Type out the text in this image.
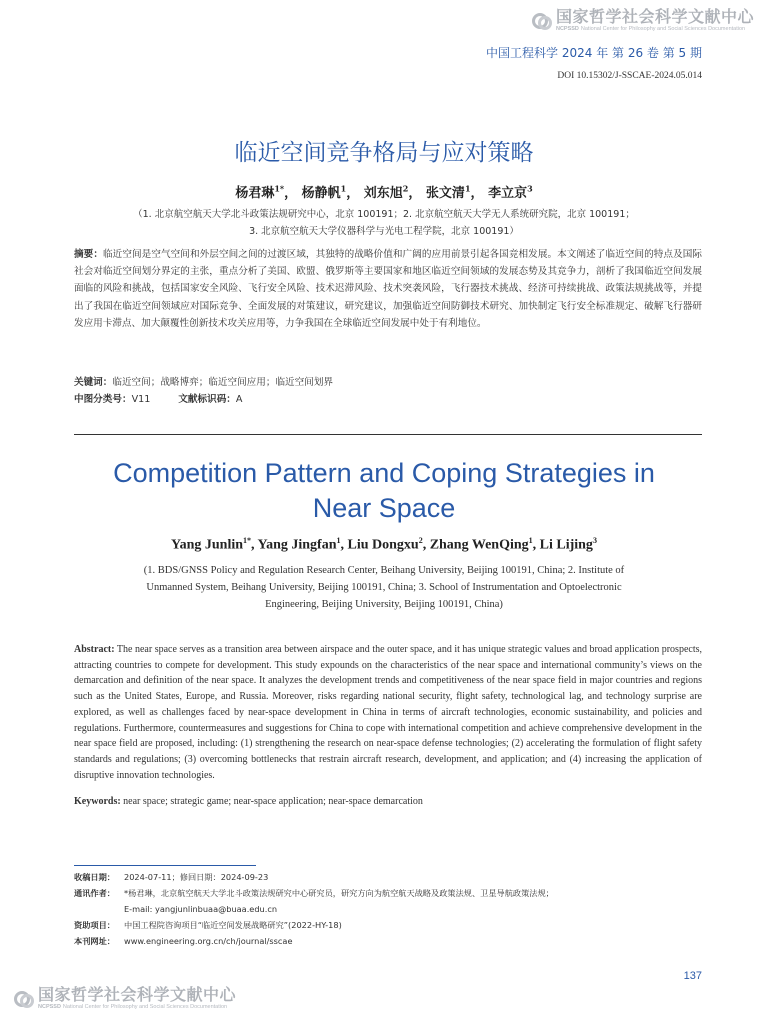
国家哲学社会科学文献中心
NCPSSD National Center for Philosophy and Social Sciences Documentation
中国工程科学 2024 年 第 26 卷 第 5 期
DOI 10.15302/J-SSCAE-2024.05.014
临近空间竞争格局与应对策略
杨君琳$^{1*}$， 杨静帆$^1$， 刘东旭$^2$， 张文清$^1$， 李立京$^3$
（1. 北京航空航天大学北斗政策法规研究中心，北京 100191；2. 北京航空航天大学无人系统研究院，北京 100191；
3. 北京航空航天大学仪器科学与光电工程学院，北京 100191）
摘要：临近空间是空气空间和外层空间之间的过渡区域，其独特的战略价值和广阔的应用前景引起各国竞相发展。本文阐述了临近空间的特点及国际社会对临近空间划分界定的主张，重点分析了美国、欧盟、俄罗斯等主要国家和地区临近空间领域的发展态势及其竞争力，剖析了我国临近空间发展面临的风险和挑战，包括国家安全风险、飞行安全风险、技术迟滞风险、技术突袭风险，飞行器技术挑战、经济可持续挑战、政策法规挑战等，并提出了我国在临近空间领域应对国际竞争、全面发展的对策建议，研究建议，加强临近空间防御技术研究、加快制定飞行安全标准规定、破解飞行器研发应用卡滞点、加大颠覆性创新技术攻关应用等，力争我国在全球临近空间发展中处于有利地位。
关键词：临近空间；战略博弈；临近空间应用；临近空间划界
中图分类号：V11	文献标识码：A
Competition Pattern and Coping Strategies in
Near Space
Yang Junlin$^{1*}$, Yang Jingfan$^1$, Liu Dongxu$^2$, Zhang WenQing$^1$, Li Lijing$^3$
(1. BDS/GNSS Policy and Regulation Research Center, Beihang University, Beijing 100191, China; 2. Institute of
Unmanned System, Beihang University, Beijing 100191, China; 3. School of Instrumentation and Optoelectronic
Engineering, Beijing University, Beijing 100191, China)
Abstract: The near space serves as a transition area between airspace and the outer space, and it has unique strategic values and broad application prospects, attracting countries to compete for development. This study expounds on the characteristics of the near space and international community’s views on the demarcation and definition of the near space. It analyzes the development trends and competitiveness of the near space field in major countries and regions such as the United States, Europe, and Russia. Moreover, risks regarding national security, flight safety, technological lag, and technology surprise are explored, as well as challenges faced by near-space development in China in terms of aircraft technologies, economic sustainability, and policies and regulations. Furthermore, countermeasures and suggestions for China to cope with international competition and achieve comprehensive development in the near space field are proposed, including: (1) strengthening the research on near-space defense technologies; (2) accelerating the formulation of flight safety standards and regulations; (3) overcoming bottlenecks that restrain aircraft research, development, and application; and (4) increasing the application of disruptive innovation technologies.
Keywords: near space; strategic game; near-space application; near-space demarcation
收稿日期：	2024-07-11；修回日期：2024-09-23
通讯作者：	*杨君琳，北京航空航天大学北斗政策法规研究中心研究员，研究方向为航空航天战略及政策法规、卫星导航政策法规；
E-mail: yangjunlinbuaa@buaa.edu.cn
资助项目：	中国工程院咨询项目“临近空间发展战略研究”(2022-HY-18)
本刊网址：	www.engineering.org.cn/ch/journal/sscae
137
国家哲学社会科学文献中心
NCPSSD National Center for Philosophy and Social Sciences Documentation
